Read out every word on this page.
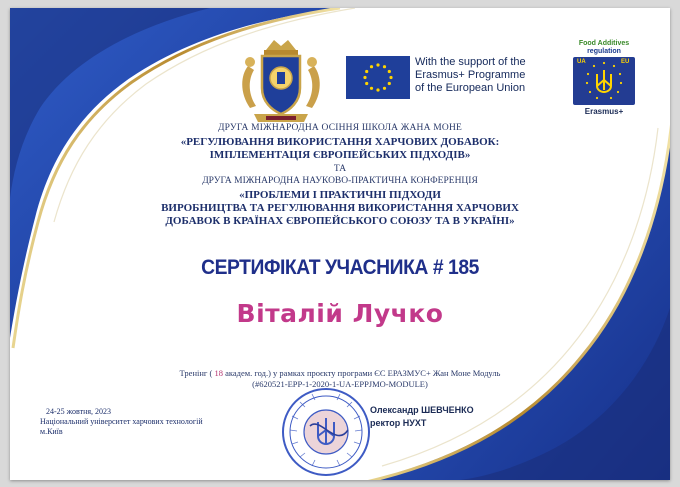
With the support of the
Erasmus+ Programme
of the European Union
Food Additives
regulation
UA	EU
Erasmus+
ДРУГА МІЖНАРОДНА ОСІННЯ ШКОЛА ЖАНА МОНЕ
«РЕГУЛЮВАННЯ ВИКОРИСТАННЯ ХАРЧОВИХ ДОБАВОК:
ІМПЛЕМЕНТАЦІЯ ЄВРОПЕЙСЬКИХ ПІДХОДІВ»
ТА
ДРУГА МІЖНАРОДНА НАУКОВО-ПРАКТИЧНА КОНФЕРЕНЦІЯ
«ПРОБЛЕМИ І ПРАКТИЧНІ ПІДХОДИ
ВИРОБНИЦТВА ТА РЕГУЛЮВАННЯ ВИКОРИСТАННЯ ХАРЧОВИХ
ДОБАВОК В КРАЇНАХ ЄВРОПЕЙСЬКОГО СОЮЗУ ТА В УКРАЇНІ»
СЕРТИФІКАТ УЧАСНИКА # 185
Віталій Лучко
Тренінг ( 18 академ. год.) у рамках проєкту програми ЄС ЕРАЗМУС+ Жан Моне Модуль
(#620521-EPP-1-2020-1-UA-EPPJMO-MODULE)
24-25 жовтня, 2023
Національний університет харчових технологій
м.Київ
Олександр ШЕВЧЕНКО
ректор НУХТ
